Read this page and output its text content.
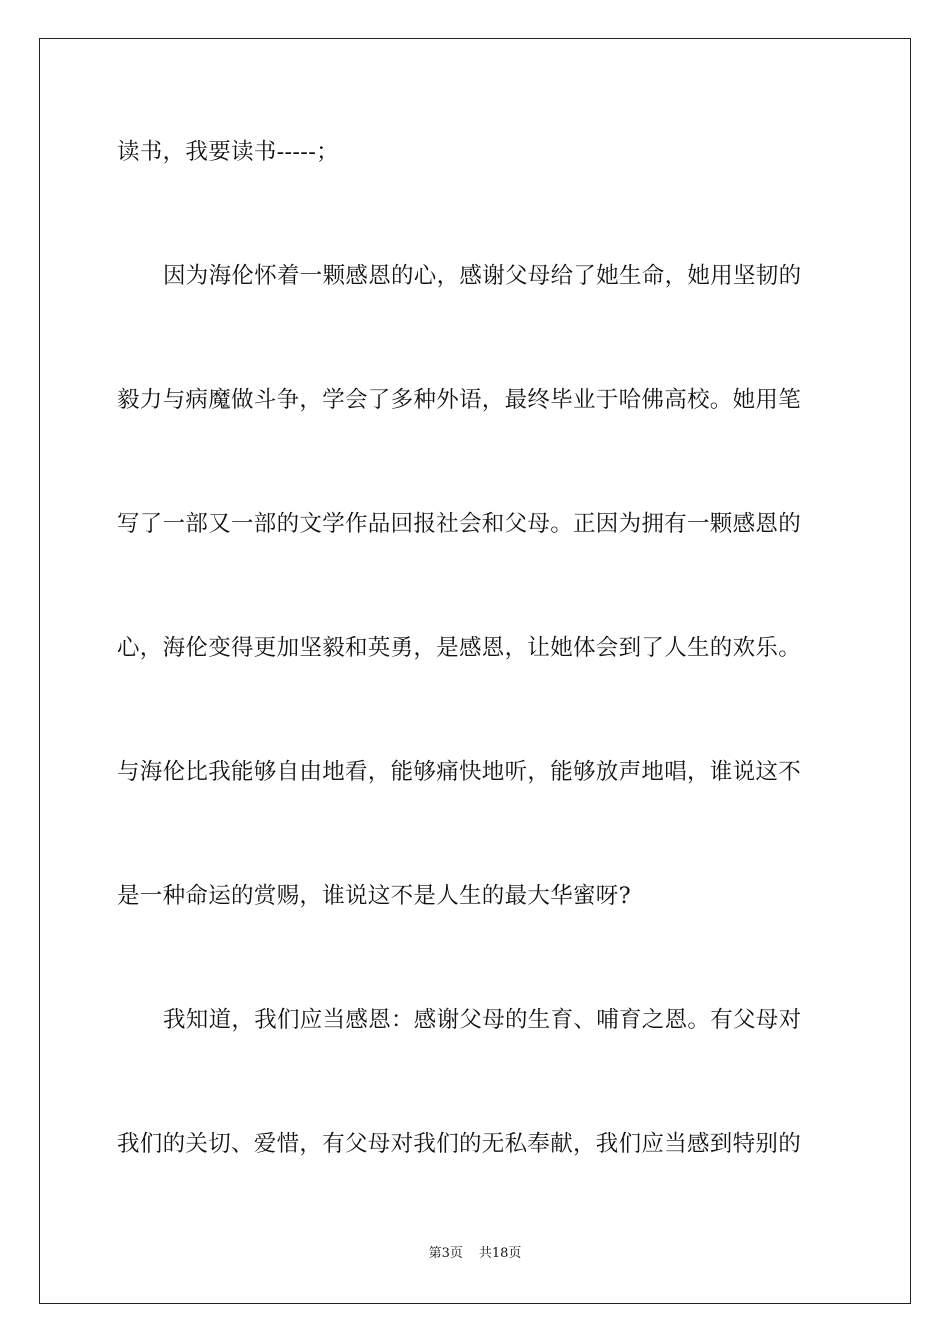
读书，我要读书-----；
因为海伦怀着一颗感恩的心，感谢父母给了她生命，她用坚韧的
毅力与病魔做斗争，学会了多种外语，最终毕业于哈佛高校。她用笔
写了一部又一部的文学作品回报社会和父母。正因为拥有一颗感恩的
心，海伦变得更加坚毅和英勇，是感恩，让她体会到了人生的欢乐。
与海伦比我能够自由地看，能够痛快地听，能够放声地唱，谁说这不
是一种命运的赏赐，谁说这不是人生的最大华蜜呀?
我知道，我们应当感恩：感谢父母的生育、哺育之恩。有父母对
我们的关切、爱惜，有父母对我们的无私奉献，我们应当感到特别的
第3页 共18页
